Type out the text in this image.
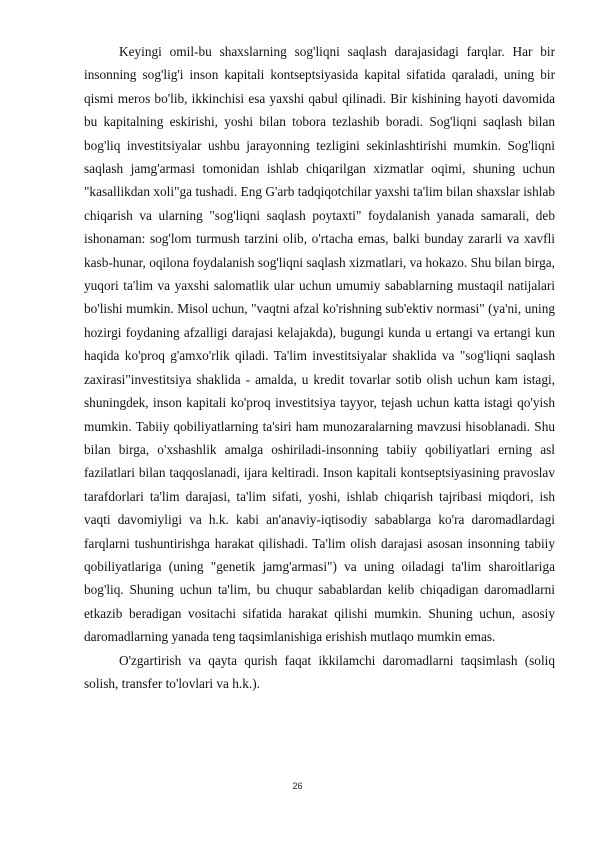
Keyingi omil-bu shaxslarning sog'liqni saqlash darajasidagi farqlar. Har bir insonning sog'lig'i inson kapitali kontseptsiyasida kapital sifatida qaraladi, uning bir qismi meros bo'lib, ikkinchisi esa yaxshi qabul qilinadi. Bir kishining hayoti davomida bu kapitalning eskirishi, yoshi bilan tobora tezlashib boradi. Sog'liqni saqlash bilan bog'liq investitsiyalar ushbu jarayonning tezligini sekinlashtirishi mumkin. Sog'liqni saqlash jamg'armasi tomonidan ishlab chiqarilgan xizmatlar oqimi, shuning uchun "kasallikdan xoli"ga tushadi. Eng G'arb tadqiqotchilar yaxshi ta'lim bilan shaxslar ishlab chiqarish va ularning "sog'liqni saqlash poytaxti" foydalanish yanada samarali, deb ishonaman: sog'lom turmush tarzini olib, o'rtacha emas, balki bunday zararli va xavfli kasb-hunar, oqilona foydalanish sog'liqni saqlash xizmatlari, va hokazo. Shu bilan birga, yuqori ta'lim va yaxshi salomatlik ular uchun umumiy sabablarning mustaqil natijalari bo'lishi mumkin. Misol uchun, "vaqtni afzal ko'rishning sub'ektiv normasi" (ya'ni, uning hozirgi foydaning afzalligi darajasi kelajakda), bugungi kunda u ertangi va ertangi kun haqida ko'proq g'amxo'rlik qiladi. Ta'lim investitsiyalar shaklida va "sog'liqni saqlash zaxirasi"investitsiya shaklida - amalda, u kredit tovarlar sotib olish uchun kam istagi, shuningdek, inson kapitali ko'proq investitsiya tayyor, tejash uchun katta istagi qo'yish mumkin. Tabiiy qobiliyatlarning ta'siri ham munozaralarning mavzusi hisoblanadi. Shu bilan birga, o'xshashlik amalga oshiriladi-insonning tabiiy qobiliyatlari erning asl fazilatlari bilan taqqoslanadi, ijara keltiradi. Inson kapitali kontseptsiyasining pravoslav tarafdorlari ta'lim darajasi, ta'lim sifati, yoshi, ishlab chiqarish tajribasi miqdori, ish vaqti davomiyligi va h.k. kabi an'anaviy-iqtisodiy sabablarga ko'ra daromadlardagi farqlarni tushuntirishga harakat qilishadi. Ta'lim olish darajasi asosan insonning tabiiy qobiliyatlariga (uning "genetik jamg'armasi") va uning oiladagi ta'lim sharoitlariga bog'liq. Shuning uchun ta'lim, bu chuqur sabablardan kelib chiqadigan daromadlarni etkazib beradigan vositachi sifatida harakat qilishi mumkin. Shuning uchun, asosiy daromadlarning yanada teng taqsimlanishiga erishish mutlaqo mumkin emas.

O'zgartirish va qayta qurish faqat ikkilamchi daromadlarni taqsimlash (soliq solish, transfer to'lovlari va h.k.).

26
